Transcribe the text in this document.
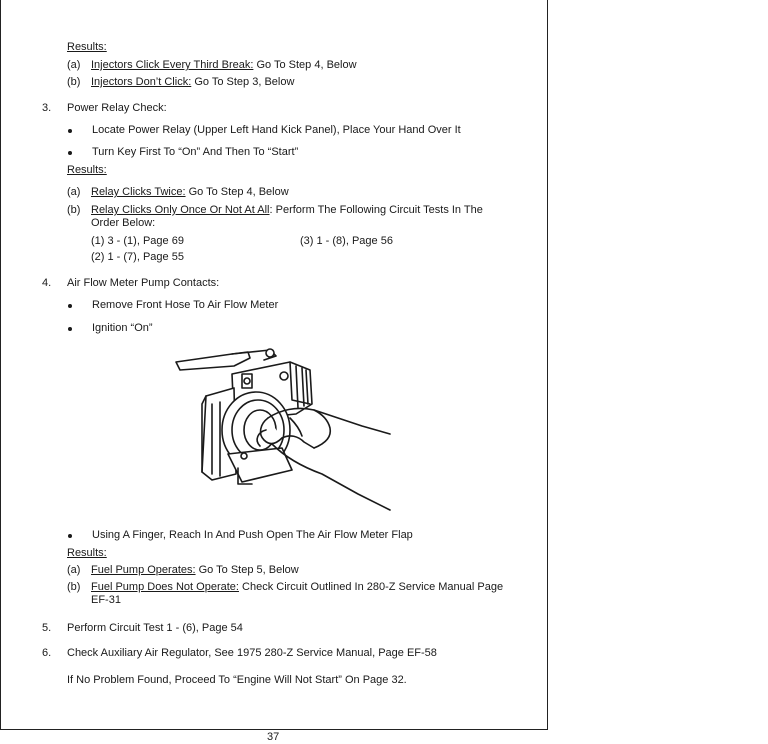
Results:
(a) Injectors Click Every Third Break: Go To Step 4, Below
(b) Injectors Don’t Click: Go To Step 3, Below
3. Power Relay Check:
Locate Power Relay (Upper Left Hand Kick Panel), Place Your Hand Over It
Turn Key First To “On” And Then To “Start”
Results:
(a) Relay Clicks Twice: Go To Step 4, Below
(b) Relay Clicks Only Once Or Not At All: Perform The Following Circuit Tests In The
Order Below:
(1) 3 - (1), Page 69	(3) 1 - (8), Page 56
(2) 1 - (7), Page 55
4. Air Flow Meter Pump Contacts:
Remove Front Hose To Air Flow Meter
Ignition “On”
Using A Finger, Reach In And Push Open The Air Flow Meter Flap
Results:
(a) Fuel Pump Operates: Go To Step 5, Below
(b) Fuel Pump Does Not Operate: Check Circuit Outlined In 280-Z Service Manual Page
EF-31
5. Perform Circuit Test 1 - (6), Page 54
6. Check Auxiliary Air Regulator, See 1975 280-Z Service Manual, Page EF-58
If No Problem Found, Proceed To “Engine Will Not Start” On Page 32.
37
